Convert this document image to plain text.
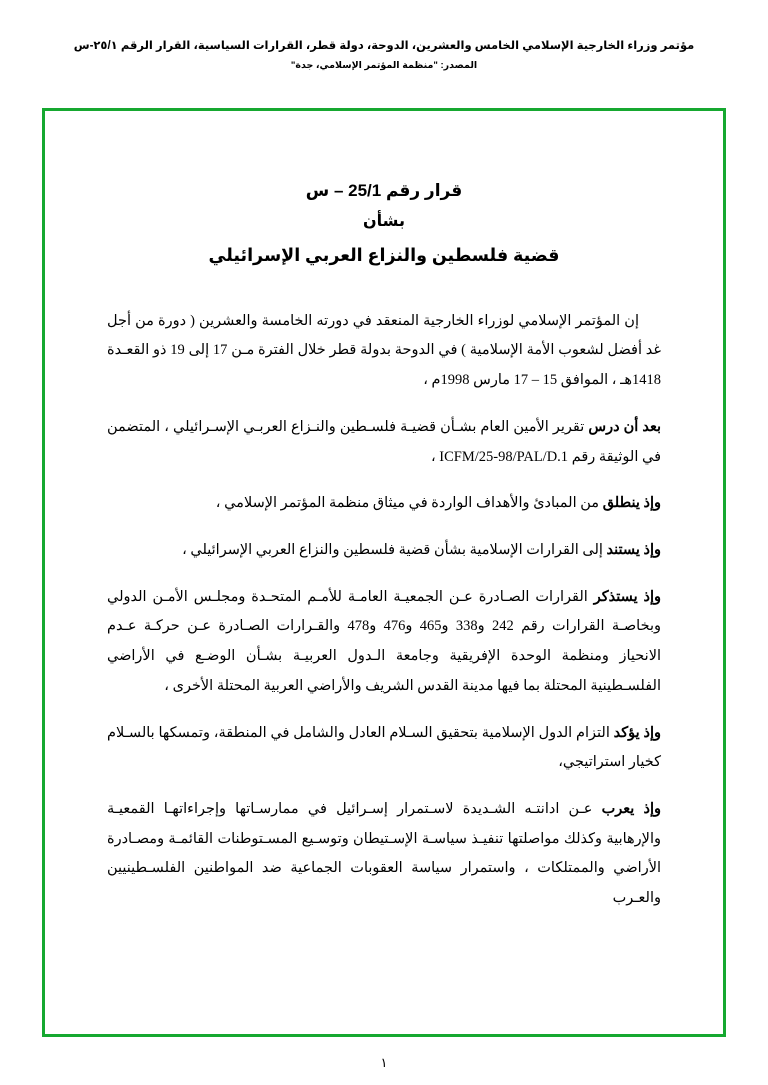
مؤتمر وزراء الخارجية الإسلامي الخامس والعشرين، الدوحة، دولة قطر، القرارات السياسية، القرار الرقم ٢٥/١-س
المصدر: "منظمة المؤتمر الإسلامي، جدة"
قرار رقم 25/1 – س
بشأن
قضية فلسطين والنزاع العربي الإسرائيلي

إن المؤتمر الإسلامي لوزراء الخارجية المنعقد في دورته الخامسة والعشرين ( دورة من أجل غد أفضل لشعوب الأمة الإسلامية ) في الدوحة بدولة قطر خلال الفترة مـن 17 إلى 19 ذو القعـدة 1418هـ ، الموافق 15 – 17 مارس 1998م ،

بعد أن درس تقرير الأمين العام بشـأن قضيـة فلسـطين والنـزاع العربـي الإسـرائيلي ، المتضمن في الوثيقة رقم ICFM/25-98/PAL/D.1 ،

وإذ ينطلق من المبادئ والأهداف الواردة في ميثاق منظمة المؤتمر الإسلامي ،

وإذ يستند إلى القرارات الإسلامية بشأن قضية فلسطين والنزاع العربي الإسرائيلي ،

وإذ يستذكر القرارات الصـادرة عـن الجمعيـة العامـة للأمـم المتحـدة ومجلـس الأمـن الدولي وبخاصـة القرارات رقم 242 و338 و465 و476 و478 والقـرارات الصـادرة عـن حركـة عـدم الانحياز ومنظمة الوحدة الإفريقية وجامعة الـدول العربيـة بشـأن الوضـع في الأراضي الفلسـطينية المحتلة بما فيها مدينة القدس الشريف والأراضي العربية المحتلة الأخرى ،

وإذ يؤكد التزام الدول الإسلامية بتحقيق السـلام العادل والشامل في المنطقة، وتمسكها بالسـلام كخيار استراتيجي،

وإذ يعرب عـن ادانتـه الشـديدة لاسـتمرار إسـرائيل في ممارسـاتها وإجراءاتهـا القمعيـة والإرهابية وكذلك مواصلتها تنفيـذ سياسـة الإسـتيطان وتوسـيع المسـتوطنات القائمـة ومصـادرة الأراضي والممتلكات ، واستمرار سياسة العقوبات الجماعية ضد المواطنين الفلسـطينيين والعـرب

١
